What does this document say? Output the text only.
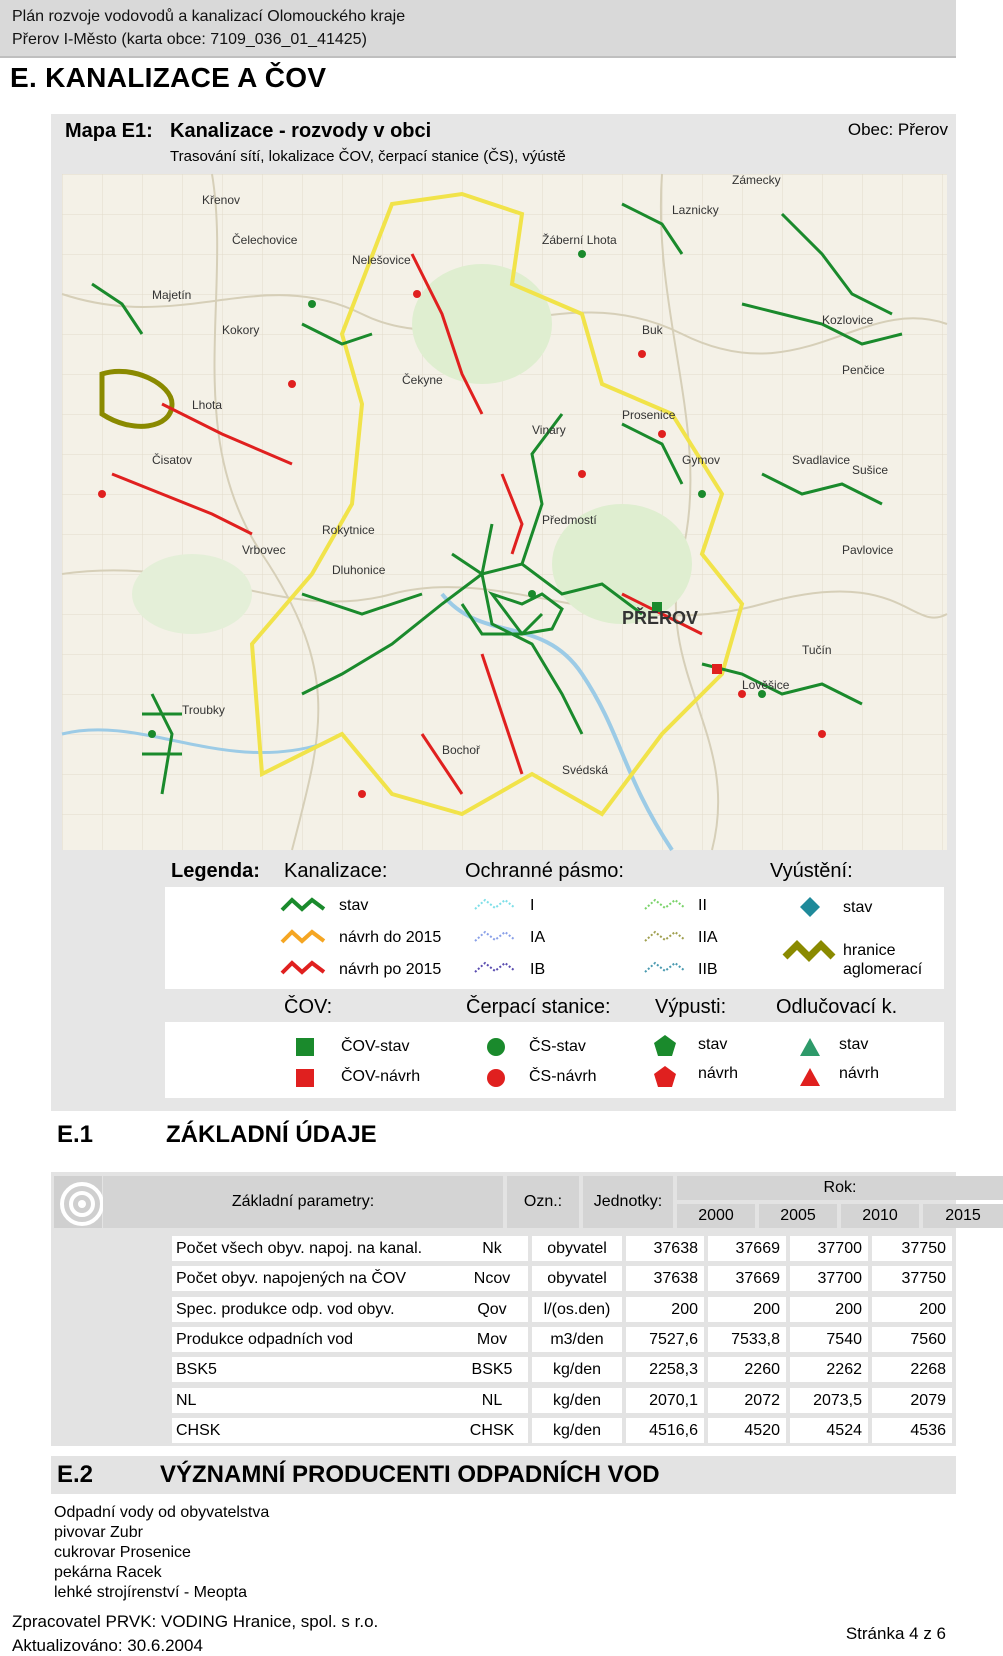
Plán rozvoje vodovodů a kanalizací Olomouckého kraje
Přerov I-Město (karta obce: 7109_036_01_41425)
E. KANALIZACE A ČOV
Mapa E1: Kanalizace - rozvody v obci
Trasování sítí, lokalizace ČOV, čerpací stanice (ČS), výústě
Obec: Přerov
Křenov
Čelechovice
Nelešovice
Žáberní Lhota
Laznicky
Zámecky
Majetín
Kokory
Rokytnice
Prosenice
Gymov
Lhota
Svadlavice
Čisatov
Buk
PŘEROV
Troubky
Vinary
Bochoř
Tučín
Lověšice
Pavlovice
Sušice
Kozlovice
Penčice
Dluhonice
Čekyne
Předmostí
Vrbovec
Svédská
Legenda: Kanalizace:	Ochranné pásmo:	Vyústění:
stav
návrh do 2015
návrh po 2015
I
IA
IB
II
IIA
IIB
stav
hranice aglomerací
ČOV:	Čerpací stanice: Výpusti: Odlučovací k.
ČOV-stav
ČOV-návrh
ČS-stav
ČS-návrh
stav
návrh
stav
návrh
E.1	ZÁKLADNÍ ÚDAJE
Základní parametry:	Ozn.:	Jednotky:
Rok:
2000	2005	2010	2015
Počet všech obyv. napoj. na kanal.	Nk	obyvatel	37638	37669	37700	37750
Počet obyv. napojených na ČOV	Ncov	obyvatel	37638	37669	37700	37750
Spec. produkce odp. vod obyv.	Qov	l/(os.den)	200	200	200	200
Produkce odpadních vod	Mov	m3/den	7527,6	7533,8	7540	7560
BSK5	BSK5	kg/den	2258,3	2260	2262	2268
NL	NL	kg/den	2070,1	2072	2073,5	2079
CHSK	CHSK	kg/den	4516,6	4520	4524	4536
E.2	VÝZNAMNÍ PRODUCENTI ODPADNÍCH VOD
Odpadní vody od obyvatelstva
pivovar Zubr
cukrovar Prosenice
pekárna Racek
lehké strojírenství - Meopta
Zpracovatel PRVK: VODING Hranice, spol. s r.o.
Aktualizováno: 30.6.2004
Stránka 4 z 6
